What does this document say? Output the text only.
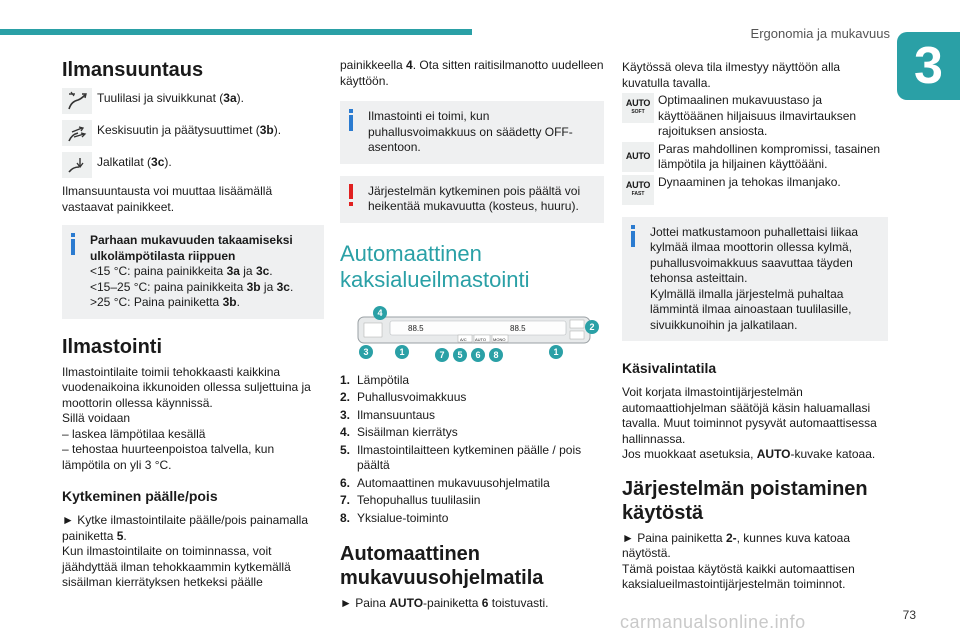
Ergonomia ja mukavuus
3
Ilmansuuntaus
Tuulilasi ja sivuikkunat (3a).
Keskisuutin ja päätysuuttimet (3b).
Jalkatilat (3c).

Ilmansuuntausta voi muuttaa lisäämällä vastaavat painikkeet.

Parhaan mukavuuden takaamiseksi ulkolämpötilasta riippuen

<15 °C: paina painikkeita 3a ja 3c.

<15–25 °C: paina painikkeita 3b ja 3c.

>25 °C: Paina painiketta 3b.

Ilmastointi

Ilmastointilaite toimii tehokkaasti kaikkina vuodenaikoina ikkunoiden ollessa suljettuina ja moottorin ollessa käynnissä.

Sillä voidaan

– laskea lämpötilaa kesällä

– tehostaa huurteenpoistoa talvella, kun lämpötila on yli 3 °C.

Kytkeminen päälle/pois

► Kytke ilmastointilaite päälle/pois painamalla painiketta 5.

Kun ilmastointilaite on toiminnassa, voit jäähdyttää ilman tehokkaammin kytkemällä sisäilman kierrätyksen hetkeksi päälle

painikkeella 4. Ota sitten raitisilmanotto uudelleen käyttöön.

Ilmastointi ei toimi, kun puhallusvoimakkuus on säädetty OFF-asentoon.

Järjestelmän kytkeminen pois päältä voi heikentää mukavuutta (kosteus, huuru).

Automaattinen
kaksialueilmastointi
88.5	88.5
A/C AUTO MONO
4
3	1	7 5 6 8	1
2
1. Lämpötila
2. Puhallusvoimakkuus
3. Ilmansuuntaus
4. Sisäilman kierrätys
5. Ilmastointilaitteen kytkeminen päälle / pois päältä
6. Automaattinen mukavuusohjelmatila
7. Tehopuhallus tuulilasiin
8. Yksialue-toiminto
Automaattinen
mukavuusohjelmatila

► Paina AUTO-painiketta 6 toistuvasti.

Käytössä oleva tila ilmestyy näyttöön alla kuvatulla tavalla.

AUTO
SOFT

Optimaalinen mukavuustaso ja käyttöäänen hiljaisuus ilmavirtauksen rajoituksen ansiosta.

AUTO

Paras mahdollinen kompromissi, tasainen lämpötila ja hiljainen käyttöääni.

AUTO
FAST

Dynaaminen ja tehokas ilmanjako.

Jottei matkustamoon puhallettaisi liikaa kylmää ilmaa moottorin ollessa kylmä, puhallusvoimakkuus saavuttaa täyden tehonsa asteittain.

Kylmällä ilmalla järjestelmä puhaltaa lämmintä ilmaa ainoastaan tuulilasille, sivuikkunoihin ja jalkatilaan.

Käsivalintatila

Voit korjata ilmastointijärjestelmän automaattiohjelman säätöjä käsin haluamallasi tavalla. Muut toiminnot pysyvät automaattisessa hallinnassa.

Jos muokkaat asetuksia, AUTO-kuvake katoaa.

Järjestelmän poistaminen
käytöstä

► Paina painiketta 2-, kunnes kuva katoaa näytöstä.

Tämä poistaa käytöstä kaikki automaattisen kaksialueilmastointijärjestelmän toiminnot.

carmanualsonline.info	73
